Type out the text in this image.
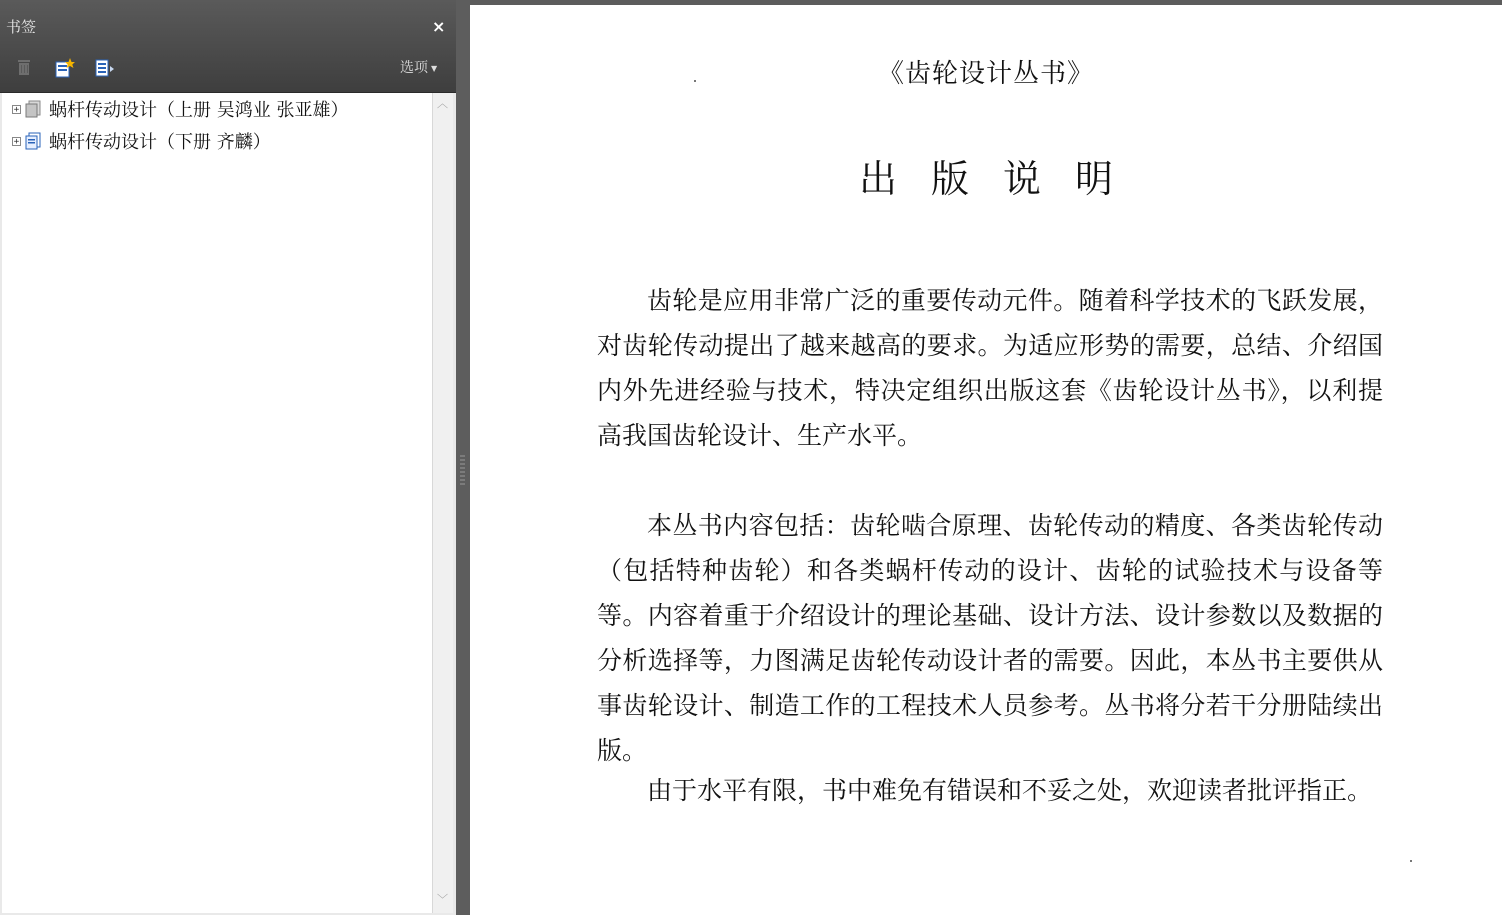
书签	×
选项 ▼
+ 蜗杆传动设计（上册 吴鸿业 张亚雄）
+ 蜗杆传动设计（下册 齐麟）
︿
﹀
《齿轮设计丛书》
出版说明

齿轮是应用非常广泛的重要传动元件。随着科学技术的飞跃发展，对齿轮传动提出了越来越高的要求。为适应形势的需要，总结、介绍国内外先进经验与技术，特决定组织出版这套《齿轮设计丛书》，以利提高我国齿轮设计、生产水平。

本丛书内容包括：齿轮啮合原理、齿轮传动的精度、各类齿轮传动（包括特种齿轮）和各类蜗杆传动的设计、齿轮的试验技术与设备等等。内容着重于介绍设计的理论基础、设计方法、设计参数以及数据的分析选择等，力图满足齿轮传动设计者的需要。因此，本丛书主要供从事齿轮设计、制造工作的工程技术人员参考。丛书将分若干分册陆续出版。

由于水平有限，书中难免有错误和不妥之处，欢迎读者批评指正。
